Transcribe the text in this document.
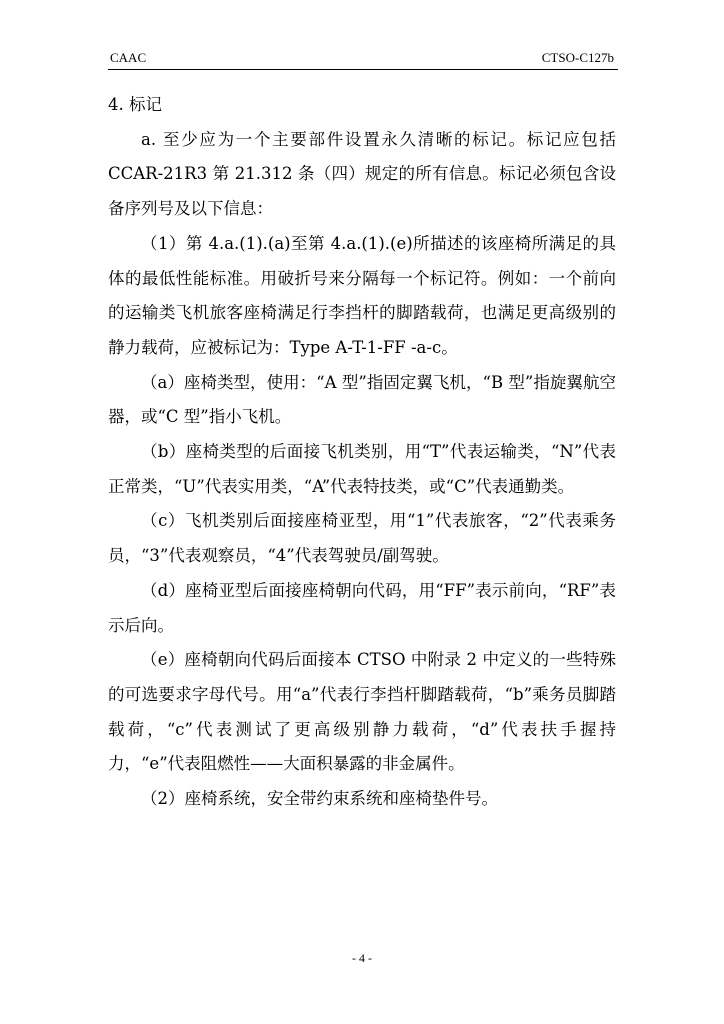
CAAC	CTSO-C127b

4. 标记

a. 至少应为一个主要部件设置永久清晰的标记。标记应包括CCAR-21R3 第 21.312 条（四）规定的所有信息。标记必须包含设备序列号及以下信息：

（1）第 4.a.(1).(a)至第 4.a.(1).(e)所描述的该座椅所满足的具体的最低性能标准。用破折号来分隔每一个标记符。例如：一个前向的运输类飞机旅客座椅满足行李挡杆的脚踏载荷，也满足更高级别的静力载荷，应被标记为：Type A-T-1-FF -a-c。

（a）座椅类型，使用：“A 型”指固定翼飞机，“B 型”指旋翼航空器，或“C 型”指小飞机。

（b）座椅类型的后面接飞机类别，用“T”代表运输类，“N”代表正常类，“U”代表实用类，“A”代表特技类，或“C”代表通勤类。

（c）飞机类别后面接座椅亚型，用“1”代表旅客，“2”代表乘务员，“3”代表观察员，“4”代表驾驶员/副驾驶。

（d）座椅亚型后面接座椅朝向代码，用“FF”表示前向，“RF”表示后向。

（e）座椅朝向代码后面接本 CTSO 中附录 2 中定义的一些特殊的可选要求字母代号。用“a”代表行李挡杆脚踏载荷，“b”乘务员脚踏载荷，“c”代表测试了更高级别静力载荷，“d”代表扶手握持力，“e”代表阻燃性——大面积暴露的非金属件。

（2）座椅系统，安全带约束系统和座椅垫件号。

- 4 -
